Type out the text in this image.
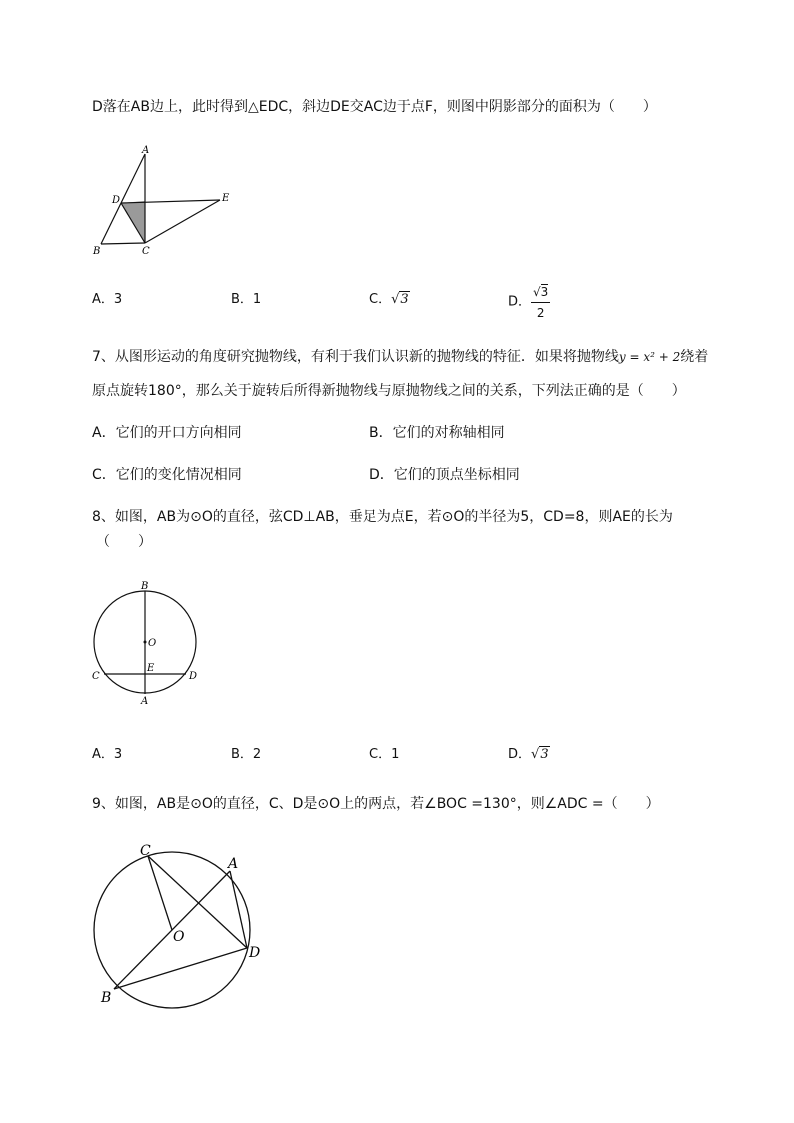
D落在AB边上，此时得到△EDC，斜边DE交AC边于点F，则图中阴影部分的面积为（　　）
A
D	E
B	C
A．3	B．1	C．√3	D． $\frac{√3}{2}$
7、从图形运动的角度研究抛物线，有利于我们认识新的抛物线的特征．如果将抛物线y = x² + 2绕着
原点旋转180°，那么关于旋转后所得新抛物线与原抛物线之间的关系，下列法正确的是（　　）
A．它们的开口方向相同	B．它们的对称轴相同
C．它们的变化情况相同	D．它们的顶点坐标相同
8、如图，AB为⊙O的直径，弦CD⊥AB，垂足为点E，若⊙O的半径为5，CD=8，则AE的长为
（　　）
B
O
E
C	D
A
A．3	B．2	C．1	D．√3
9、如图，AB是⊙O的直径，C、D是⊙O上的两点，若∠BOC =130°，则∠ADC =（　　）
C
A
O
D
B
